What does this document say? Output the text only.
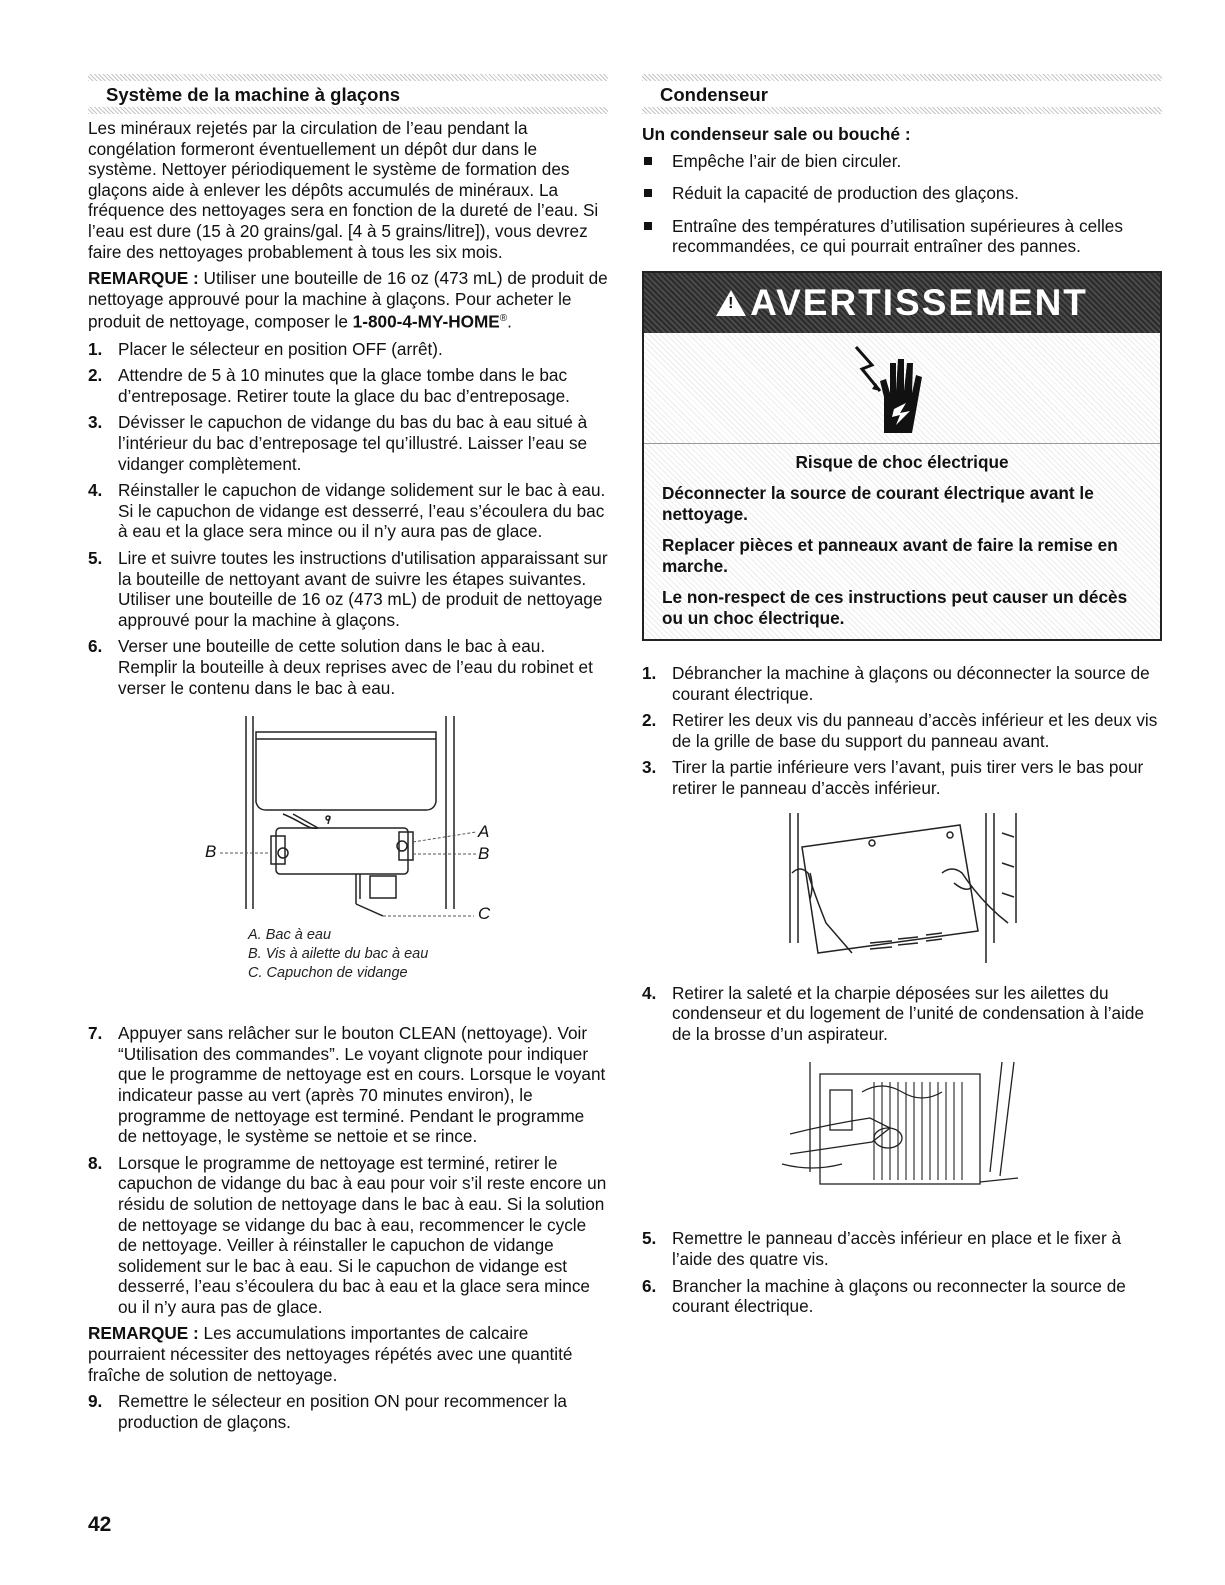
Système de la machine à glaçons

Les minéraux rejetés par la circulation de l’eau pendant la congélation formeront éventuellement un dépôt dur dans le système. Nettoyer périodiquement le système de formation des glaçons aide à enlever les dépôts accumulés de minéraux. La fréquence des nettoyages sera en fonction de la dureté de l’eau. Si l’eau est dure (15 à 20 grains/gal. [4 à 5 grains/litre]), vous devrez faire des nettoyages probablement à tous les six mois.

REMARQUE : Utiliser une bouteille de 16 oz (473 mL) de produit de nettoyage approuvé pour la machine à glaçons. Pour acheter le produit de nettoyage, composer le 1-800-4-MY-HOME®.

1. Placer le sélecteur en position OFF (arrêt).
2. Attendre de 5 à 10 minutes que la glace tombe dans le bac d’entreposage. Retirer toute la glace du bac d’entreposage.
3. Dévisser le capuchon de vidange du bas du bac à eau situé à l’intérieur du bac d’entreposage tel qu’illustré. Laisser l’eau se vidanger complètement.
4. Réinstaller le capuchon de vidange solidement sur le bac à eau. Si le capuchon de vidange est desserré, l’eau s’écoulera du bac à eau et la glace sera mince ou il n’y aura pas de glace.
5. Lire et suivre toutes les instructions d'utilisation apparaissant sur la bouteille de nettoyant avant de suivre les étapes suivantes. Utiliser une bouteille de 16 oz (473 mL) de produit de nettoyage approuvé pour la machine à glaçons.
6. Verser une bouteille de cette solution dans le bac à eau. Remplir la bouteille à deux reprises avec de l’eau du robinet et verser le contenu dans le bac à eau.
B
A
B
C
A. Bac à eau
B. Vis à ailette du bac à eau
C. Capuchon de vidange
7. Appuyer sans relâcher sur le bouton CLEAN (nettoyage). Voir “Utilisation des commandes”. Le voyant clignote pour indiquer que le programme de nettoyage est en cours. Lorsque le voyant indicateur passe au vert (après 70 minutes environ), le programme de nettoyage est terminé. Pendant le programme de nettoyage, le système se nettoie et se rince.
8. Lorsque le programme de nettoyage est terminé, retirer le capuchon de vidange du bac à eau pour voir s’il reste encore un résidu de solution de nettoyage dans le bac à eau. Si la solution de nettoyage se vidange du bac à eau, recommencer le cycle de nettoyage. Veiller à réinstaller le capuchon de vidange solidement sur le bac à eau. Si le capuchon de vidange est desserré, l’eau s’écoulera du bac à eau et la glace sera mince ou il n’y aura pas de glace.

REMARQUE : Les accumulations importantes de calcaire pourraient nécessiter des nettoyages répétés avec une quantité fraîche de solution de nettoyage.

9. Remettre le sélecteur en position ON pour recommencer la production de glaçons.
Condenseur
Un condenseur sale ou bouché :
Empêche l’air de bien circuler.
Réduit la capacité de production des glaçons.
Entraîne des températures d’utilisation supérieures à celles recommandées, ce qui pourrait entraîner des pannes.
! AVERTISSEMENT
Risque de choc électrique

Déconnecter la source de courant électrique avant le nettoyage.

Replacer pièces et panneaux avant de faire la remise en marche.

Le non-respect de ces instructions peut causer un décès ou un choc électrique.

1. Débrancher la machine à glaçons ou déconnecter la source de courant électrique.
2. Retirer les deux vis du panneau d’accès inférieur et les deux vis de la grille de base du support du panneau avant.
3. Tirer la partie inférieure vers l’avant, puis tirer vers le bas pour retirer le panneau d’accès inférieur.
4. Retirer la saleté et la charpie déposées sur les ailettes du condenseur et du logement de l’unité de condensation à l’aide de la brosse d’un aspirateur.
5. Remettre le panneau d’accès inférieur en place et le fixer à l’aide des quatre vis.
6. Brancher la machine à glaçons ou reconnecter la source de courant électrique.
42
